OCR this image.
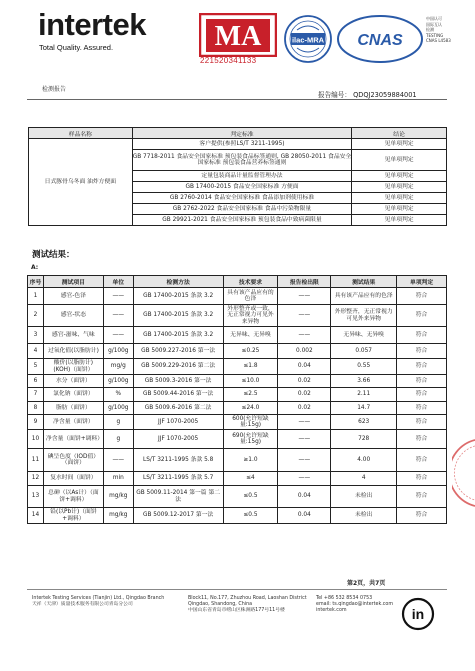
intertek
Total Quality. Assured.	MA
221520341133
ilac-MRA CNAS
中国认可
国际互认
检测
TESTING
CNAS L4583
检测报告
报告编号： QDQJ23059884001
样品名称	判定标准	结论
日式豚骨乌冬面 油炸方便面	客户提供(参照LS/T 3211-1995)	见单项判定
	GB 7718-2011 食品安全国家标准 预包装食品标签通则, GB 28050-2011 食品安全国家标准 预包装食品营养标签通则	见单项判定
	定量包装商品计量监督管理办法	见单项判定
	GB 17400-2015 食品安全国家标准 方便面	见单项判定
	GB 2760-2014 食品安全国家标准 食品添加剂使用标准	见单项判定
	GB 2762-2022 食品安全国家标准 食品中污染物限量	见单项判定
	GB 29921-2021 食品安全国家标准 预包装食品中致病菌限量	见单项判定
测试结果：
A:
序号	测试项目	单位	检测方法	技术要求	报告检出限	测试结果	单项判定
1	感官-色泽	——	GB 17400-2015 条款 3.2	具有该产品应有的色泽	——	具有该产品应有的色泽	符合
2	感官-状态	——	GB 17400-2015 条款 3.2	外形整齐或一致，无正常视力可见外来异物	——	外形整齐，无正常视力可见外来异物	符合
3	感官-滋味、气味	——	GB 17400-2015 条款 3.2	无异味、无异嗅	——	无异味、无异嗅	符合
4	过氧化值(以脂肪计)	g/100g	GB 5009.227-2016 第一法	≤0.25	0.002	0.057	符合
5	酸价(以脂肪计)(KOH)（面饼）	mg/g	GB 5009.229-2016 第二法	≤1.8	0.04	0.55	符合
6	水分（面饼）	g/100g	GB 5009.3-2016 第一法	≤10.0	0.02	3.66	符合
7	氯化钠（面饼）	%	GB 5009.44-2016 第一法	≤2.5	0.02	2.11	符合
8	脂肪（面饼）	g/100g	GB 5009.6-2016 第二法	≤24.0	0.02	14.7	符合
9	净含量（面饼）	g	JJF 1070-2005	600(允许短缺量:15g)	——	623	符合
10	净含量（面饼+调料）	g	JJF 1070-2005	690(允许短缺量:15g)	——	728	符合
11	碘呈色度（IOD值）（面饼）	——	LS/T 3211-1995 条款 5.8	≥1.0	——	4.00	符合
12	复水时间（面饼）	min	LS/T 3211-1995 条款 5.7	≤4	——	4	符合
13	总砷（以As计）（面饼+调料）	mg/kg	GB 5009.11-2014 第一篇 第二法	≤0.5	0.04	未检出	符合
14	铅(以Pb计)（面饼+调料）	mg/kg	GB 5009.12-2017 第一法	≤0.5	0.04	未检出	符合
第2页，共7页
Intertek Testing Services (Tianjin) Ltd., Qingdao Branch
天祥（天津）质量技术服务有限公司青岛分公司
Block11, No.177, Zhuzhou Road, Laoshan District Qingdao, Shandong, China
中国山东省青岛市崂山区株洲路177号11号楼
Tel +86 532 8534 0753
email: ts.qingdao@intertek.com
intertek.com	in
